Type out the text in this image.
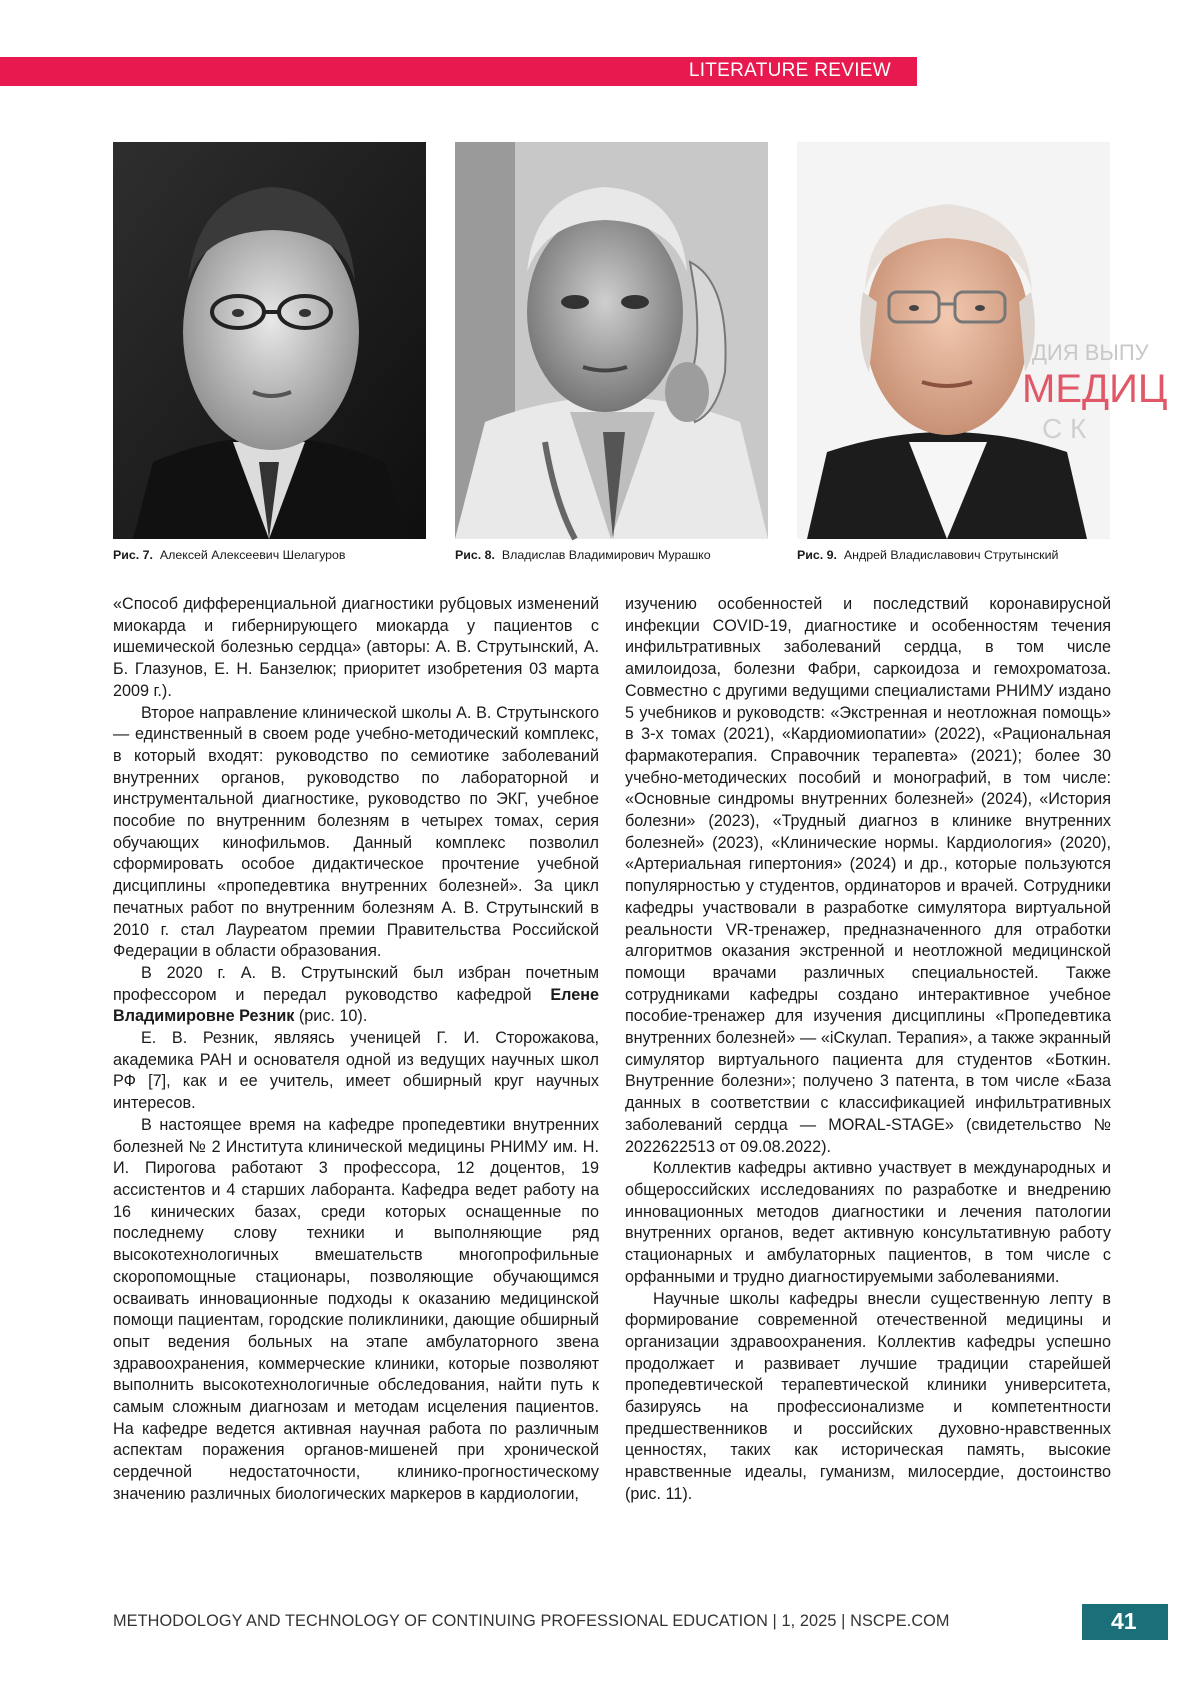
LITERATURE REVIEW
ДИЯ ВЫПУ
МЕДИЦ
С К
Рис. 7. Алексей Алексеевич Шелагуров	Рис. 8. Владислав Владимирович Мурашко	Рис. 9. Андрей Владиславович Струтынский

«Способ дифференциальной диагностики рубцовых изменений миокарда и гибернирующего миокарда у пациентов с ишемической болезнью сердца» (авторы: А. В. Струтынский, А. Б. Глазунов, Е. Н. Банзелюк; приоритет изобретения 03 марта 2009 г.).

Второе направление клинической школы А. В. Струтынского — единственный в своем роде учебно-методический комплекс, в который входят: руководство по семиотике заболеваний внутренних органов, руководство по лабораторной и инструментальной диагностике, руководство по ЭКГ, учебное пособие по внутренним болезням в четырех томах, серия обучающих кинофильмов. Данный комплекс позволил сформировать особое дидактическое прочтение учебной дисциплины «пропедевтика внутренних болезней». За цикл печатных работ по внутренним болезням А. В. Струтынский в 2010 г. стал Лауреатом премии Правительства Российской Федерации в области образования.

В 2020 г. А. В. Струтынский был избран почетным профессором и передал руководство кафедрой Елене Владимировне Резник (рис. 10).

Е. В. Резник, являясь ученицей Г. И. Сторожакова, академика РАН и основателя одной из ведущих научных школ РФ [7], как и ее учитель, имеет обширный круг научных интересов.

В настоящее время на кафедре пропедевтики внутренних болезней № 2 Института клинической медицины РНИМУ им. Н. И. Пирогова работают 3 профессора, 12 доцентов, 19 ассистентов и 4 старших лаборанта. Кафедра ведет работу на 16 кинических базах, среди которых оснащенные по последнему слову техники и выполняющие ряд высокотехнологичных вмешательств многопрофильные скоропомощные стационары, позволяющие обучающимся осваивать инновационные подходы к оказанию медицинской помощи пациентам, городские поликлиники, дающие обширный опыт ведения больных на этапе амбулаторного звена здравоохранения, коммерческие клиники, которые позволяют выполнить высокотехнологичные обследования, найти путь к самым сложным диагнозам и методам исцеления пациентов. На кафедре ведется активная научная работа по различным аспектам поражения органов-мишеней при хронической сердечной недостаточности, клинико-прогностическому значению различных биологических маркеров в кардиологии,

изучению особенностей и последствий коронавирусной инфекции COVID-19, диагностике и особенностям течения инфильтративных заболеваний сердца, в том числе амилоидоза, болезни Фабри, саркоидоза и гемохроматоза. Совместно с другими ведущими специалистами РНИМУ издано 5 учебников и руководств: «Экстренная и неотложная помощь» в 3-х томах (2021), «Кардиомиопатии» (2022), «Рациональная фармакотерапия. Справочник терапевта» (2021); более 30 учебно-методических пособий и монографий, в том числе: «Основные синдромы внутренних болезней» (2024), «История болезни» (2023), «Трудный диагноз в клинике внутренних болезней» (2023), «Клинические нормы. Кардиология» (2020), «Артериальная гипертония» (2024) и др., которые пользуются популярностью у студентов, ординаторов и врачей. Сотрудники кафедры участвовали в разработке симулятора виртуальной реальности VR-тренажер, предназначенного для отработки алгоритмов оказания экстренной и неотложной медицинской помощи врачами различных специальностей. Также сотрудниками кафедры создано интерактивное учебное пособие-тренажер для изучения дисциплины «Пропедевтика внутренних болезней» — «iСкулап. Терапия», а также экранный симулятор виртуального пациента для студентов «Боткин. Внутренние болезни»; получено 3 патента, в том числе «База данных в соответствии с классификацией инфильтративных заболеваний сердца — MORAL-STAGE» (свидетельство № 2022622513 от 09.08.2022).

Коллектив кафедры активно участвует в международных и общероссийских исследованиях по разработке и внедрению инновационных методов диагностики и лечения патологии внутренних органов, ведет активную консультативную работу стационарных и амбулаторных пациентов, в том числе с орфанными и трудно диагностируемыми заболеваниями.

Научные школы кафедры внесли существенную лепту в формирование современной отечественной медицины и организации здравоохранения. Коллектив кафедры успешно продолжает и развивает лучшие традиции старейшей пропедевтической терапевтической клиники университета, базируясь на профессионализме и компетентности предшественников и российских духовно-нравственных ценностях, таких как историческая память, высокие нравственные идеалы, гуманизм, милосердие, достоинство (рис. 11).

METHODOLOGY AND TECHNOLOGY OF CONTINUING PROFESSIONAL EDUCATION | 1, 2025 | NSCPE.COM	41
